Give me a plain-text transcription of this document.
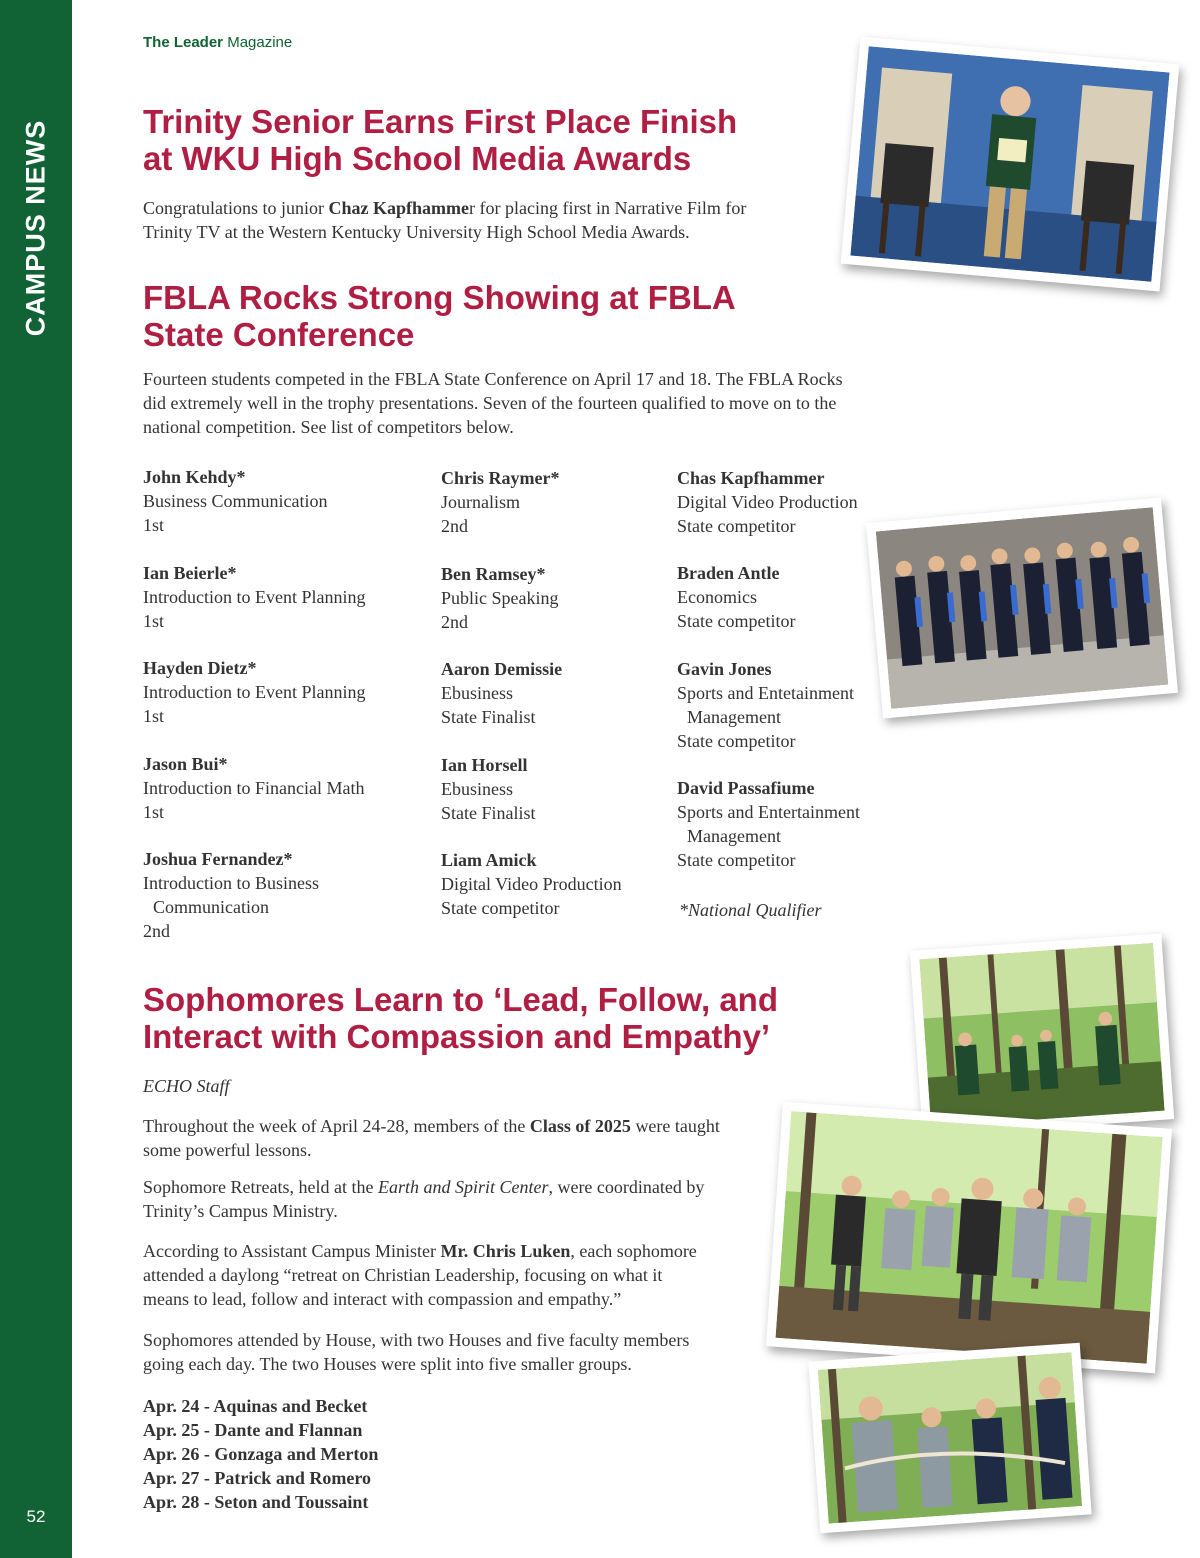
CAMPUS NEWS
52
The Leader Magazine
Trinity Senior Earns First Place Finish
at WKU High School Media Awards

Congratulations to junior Chaz Kapfhammer for placing first in Narrative Film for
Trinity TV at the Western Kentucky University High School Media Awards.

FBLA Rocks Strong Showing at FBLA
State Conference

Fourteen students competed in the FBLA State Conference on April 17 and 18. The FBLA Rocks
did extremely well in the trophy presentations. Seven of the fourteen qualified to move on to the
national competition. See list of competitors below.

John Kehdy*
Business Communication
1st
Ian Beierle*
Introduction to Event Planning
1st
Hayden Dietz*
Introduction to Event Planning
1st
Jason Bui*
Introduction to Financial Math
1st
Joshua Fernandez*
Introduction to Business
Communication
2nd
Chris Raymer*
Journalism
2nd
Ben Ramsey*
Public Speaking
2nd
Aaron Demissie
Ebusiness
State Finalist
Ian Horsell
Ebusiness
State Finalist
Liam Amick
Digital Video Production
State competitor
Chas Kapfhammer
Digital Video Production
State competitor
Braden Antle
Economics
State competitor
Gavin Jones
Sports and Entetainment
Management
State competitor
David Passafiume
Sports and Entertainment
Management
State competitor
*National Qualifier
Sophomores Learn to ‘Lead, Follow, and
Interact with Compassion and Empathy’

ECHO Staff

Throughout the week of April 24-28, members of the Class of 2025 were taught
some powerful lessons.

Sophomore Retreats, held at the Earth and Spirit Center, were coordinated by
Trinity’s Campus Ministry.

According to Assistant Campus Minister Mr. Chris Luken, each sophomore
attended a daylong “retreat on Christian Leadership, focusing on what it
means to lead, follow and interact with compassion and empathy.”

Sophomores attended by House, with two Houses and five faculty members
going each day. The two Houses were split into five smaller groups.

Apr. 24 - Aquinas and Becket
Apr. 25 - Dante and Flannan
Apr. 26 - Gonzaga and Merton
Apr. 27 - Patrick and Romero
Apr. 28 - Seton and Toussaint
